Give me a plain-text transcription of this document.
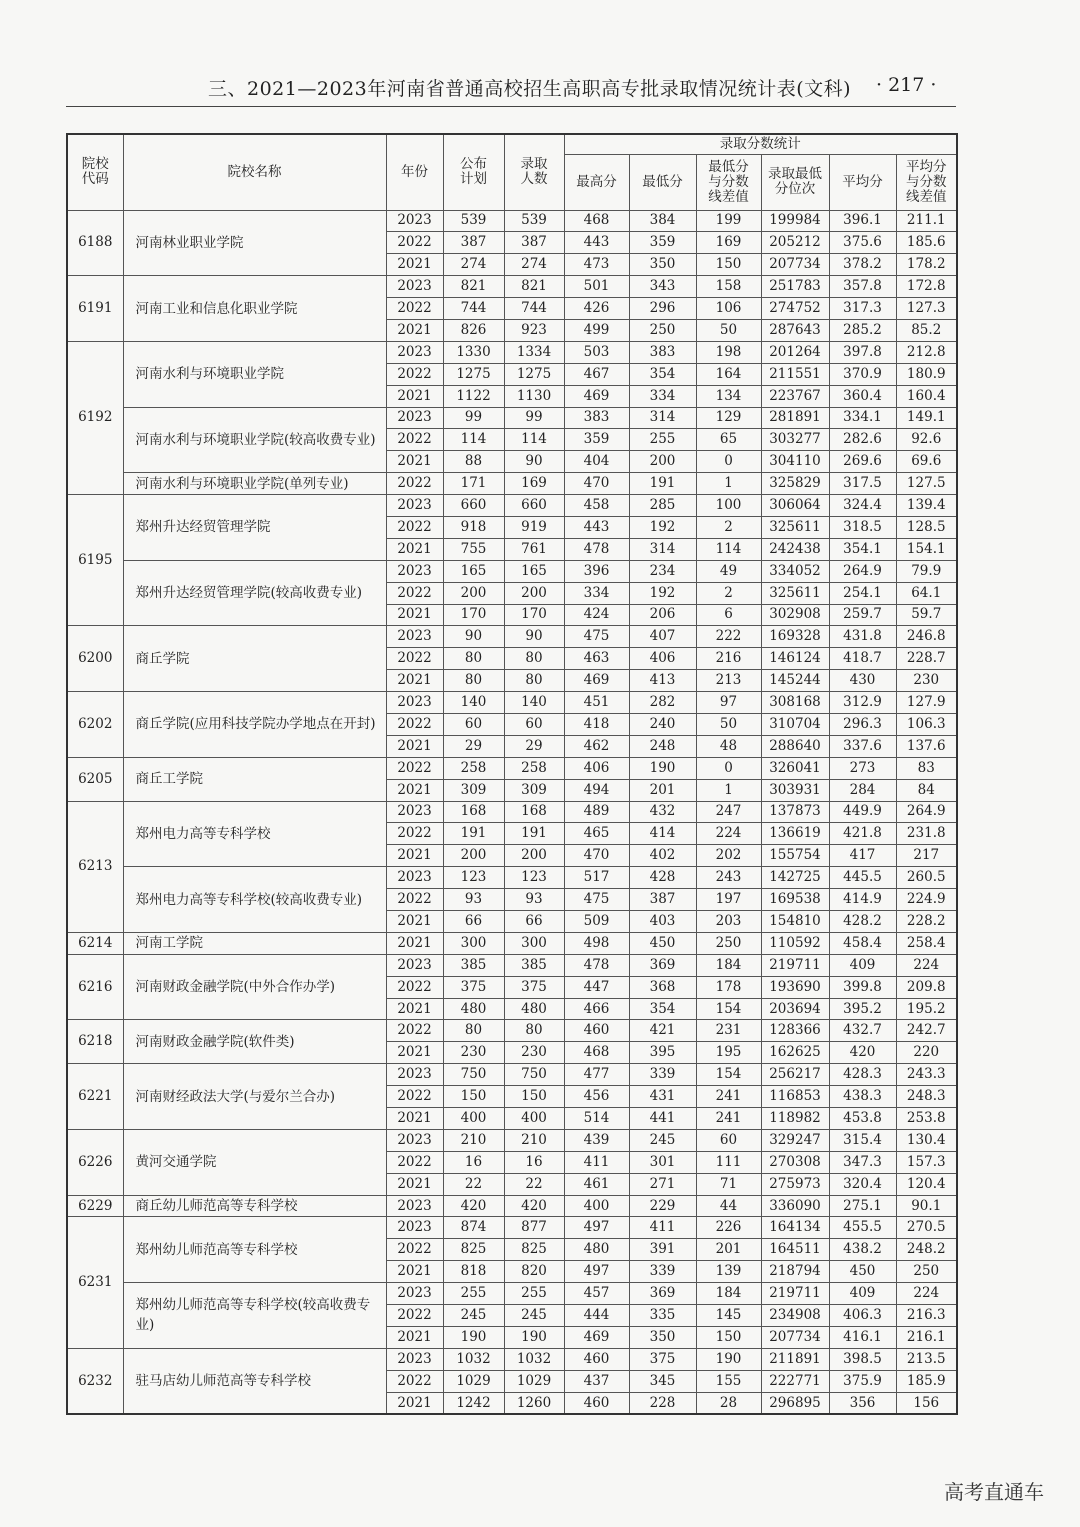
三、2021—2023年河南省普通高校招生高职高专批录取情况统计表(文科) · 217 ·
院校代码	院校名称	年份	公布计划	录取人数	录取分数统计					
					最高分	最低分	最低分与分数线差值	录取最低分位次	平均分	平均分与分数线差值
6188	河南林业职业学院	2023	539	539	468	384	199	199984	396.1	211.1
		2022	387	387	443	359	169	205212	375.6	185.6
		2021	274	274	473	350	150	207734	378.2	178.2
6191	河南工业和信息化职业学院	2023	821	821	501	343	158	251783	357.8	172.8
		2022	744	744	426	296	106	274752	317.3	127.3
		2021	826	923	499	250	50	287643	285.2	85.2
6192	河南水利与环境职业学院	2023	1330	1334	503	383	198	201264	397.8	212.8
		2022	1275	1275	467	354	164	211551	370.9	180.9
		2021	1122	1130	469	334	134	223767	360.4	160.4
	河南水利与环境职业学院(较高收费专业)	2023	99	99	383	314	129	281891	334.1	149.1
		2022	114	114	359	255	65	303277	282.6	92.6
		2021	88	90	404	200	0	304110	269.6	69.6
	河南水利与环境职业学院(单列专业)	2022	171	169	470	191	1	325829	317.5	127.5
6195	郑州升达经贸管理学院	2023	660	660	458	285	100	306064	324.4	139.4
		2022	918	919	443	192	2	325611	318.5	128.5
		2021	755	761	478	314	114	242438	354.1	154.1
	郑州升达经贸管理学院(较高收费专业)	2023	165	165	396	234	49	334052	264.9	79.9
		2022	200	200	334	192	2	325611	254.1	64.1
		2021	170	170	424	206	6	302908	259.7	59.7
6200	商丘学院	2023	90	90	475	407	222	169328	431.8	246.8
		2022	80	80	463	406	216	146124	418.7	228.7
		2021	80	80	469	413	213	145244	430	230
6202	商丘学院(应用科技学院办学地点在开封)	2023	140	140	451	282	97	308168	312.9	127.9
		2022	60	60	418	240	50	310704	296.3	106.3
		2021	29	29	462	248	48	288640	337.6	137.6
6205	商丘工学院	2022	258	258	406	190	0	326041	273	83
		2021	309	309	494	201	1	303931	284	84
6213	郑州电力高等专科学校	2023	168	168	489	432	247	137873	449.9	264.9
		2022	191	191	465	414	224	136619	421.8	231.8
		2021	200	200	470	402	202	155754	417	217
	郑州电力高等专科学校(较高收费专业)	2023	123	123	517	428	243	142725	445.5	260.5
		2022	93	93	475	387	197	169538	414.9	224.9
		2021	66	66	509	403	203	154810	428.2	228.2
6214	河南工学院	2021	300	300	498	450	250	110592	458.4	258.4
6216	河南财政金融学院(中外合作办学)	2023	385	385	478	369	184	219711	409	224
		2022	375	375	447	368	178	193690	399.8	209.8
		2021	480	480	466	354	154	203694	395.2	195.2
6218	河南财政金融学院(软件类)	2022	80	80	460	421	231	128366	432.7	242.7
		2021	230	230	468	395	195	162625	420	220
6221	河南财经政法大学(与爱尔兰合办)	2023	750	750	477	339	154	256217	428.3	243.3
		2022	150	150	456	431	241	116853	438.3	248.3
		2021	400	400	514	441	241	118982	453.8	253.8
6226	黄河交通学院	2023	210	210	439	245	60	329247	315.4	130.4
		2022	16	16	411	301	111	270308	347.3	157.3
		2021	22	22	461	271	71	275973	320.4	120.4
6229	商丘幼儿师范高等专科学校	2023	420	420	400	229	44	336090	275.1	90.1
6231	郑州幼儿师范高等专科学校	2023	874	877	497	411	226	164134	455.5	270.5
		2022	825	825	480	391	201	164511	438.2	248.2
		2021	818	820	497	339	139	218794	450	250
	郑州幼儿师范高等专科学校(较高收费专业)	2023	255	255	457	369	184	219711	409	224
		2022	245	245	444	335	145	234908	406.3	216.3
		2021	190	190	469	350	150	207734	416.1	216.1
6232	驻马店幼儿师范高等专科学校	2023	1032	1032	460	375	190	211891	398.5	213.5
		2022	1029	1029	437	345	155	222771	375.9	185.9
		2021	1242	1260	460	228	28	296895	356	156
高考直通车
